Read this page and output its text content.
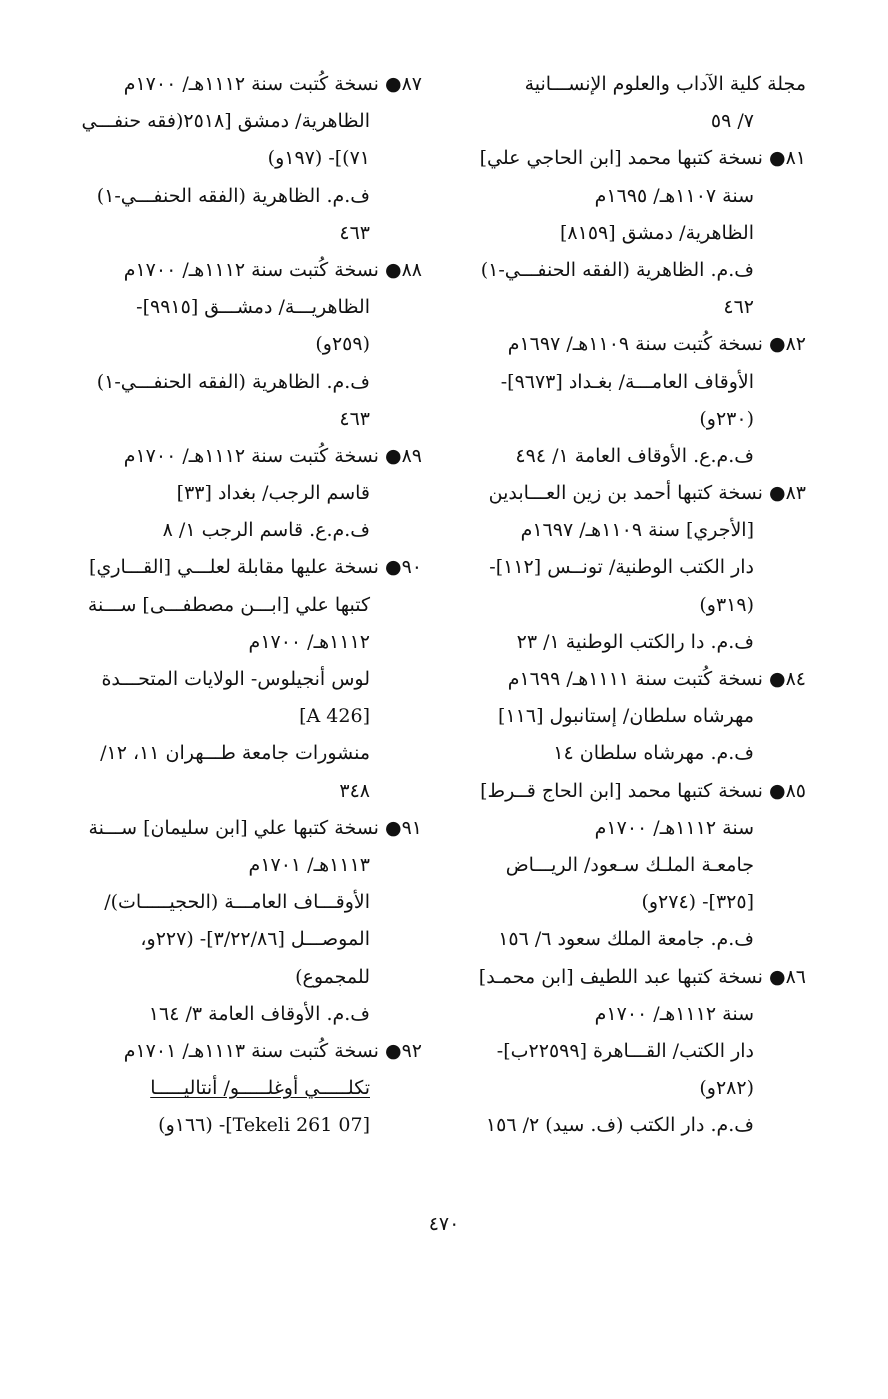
مجلة كلية الآداب والعلوم الإنســـانية
٧/ ٥٩
٨١● نسخة كتبها محمد [ابن الحاجي علي]
سنة ١١٠٧هـ/ ١٦٩٥م
الظاهرية/ دمشق [٨١٥٩]
ف.م. الظاهرية (الفقه الحنفـــي-١)
٤٦٢
٨٢● نسخة كُتبت سنة ١١٠٩هـ/ ١٦٩٧م
الأوقاف العامـــة/ بغـداد [٩٦٧٣]-
(٢٣٠و)
ف.م.ع. الأوقاف العامة ١/ ٤٩٤
٨٣● نسخة كتبها أحمد بن زين العـــابدين
[الأجري] سنة ١١٠٩هـ/ ١٦٩٧م
دار الكتب الوطنية/ تونــس [١١٢]-
(٣١٩و)
ف.م. دا رالكتب الوطنية ١/ ٢٣
٨٤● نسخة كُتبت سنة ١١١١هـ/ ١٦٩٩م
مهرشاه سلطان/ إستانبول [١١٦]
ف.م. مهرشاه سلطان ١٤
٨٥● نسخة كتبها محمد [ابن الحاج قــرط]
سنة ١١١٢هـ/ ١٧٠٠م
جامعـة الملـك سـعود/ الريـــاض
[٣٢٥]- (٢٧٤و)
ف.م. جامعة الملك سعود ٦/ ١٥٦
٨٦● نسخة كتبها عبد اللطيف [ابن محمـد]
سنة ١١١٢هـ/ ١٧٠٠م
دار الكتب/ القـــاهرة [٢٢٥٩٩ب]-
(٢٨٢و)
ف.م. دار الكتب (ف. سيد) ٢/ ١٥٦
٨٧● نسخة كُتبت سنة ١١١٢هـ/ ١٧٠٠م
الظاهرية/ دمشق [٢٥١٨(فقه حنفـــي
٧١)]- (١٩٧و)
ف.م. الظاهرية (الفقه الحنفـــي-١)
٤٦٣
٨٨● نسخة كُتبت سنة ١١١٢هـ/ ١٧٠٠م
الظاهريـــة/ دمشـــق [٩٩١٥]-
(٢٥٩و)
ف.م. الظاهرية (الفقه الحنفـــي-١)
٤٦٣
٨٩● نسخة كُتبت سنة ١١١٢هـ/ ١٧٠٠م
قاسم الرجب/ بغداد [٣٣]
ف.م.ع. قاسم الرجب ١/ ٨
٩٠● نسخة عليها مقابلة لعلـــي [القـــاري]
كتبها علي [ابـــن مصطفـــى] ســـنة
١١١٢هـ/ ١٧٠٠م
لوس أنجيلوس- الولايات المتحـــدة
[A 426]
منشورات جامعة طـــهران ١١، ١٢/
٣٤٨
٩١● نسخة كتبها علي [ابن سليمان] ســـنة
١١١٣هـ/ ١٧٠١م
الأوقـــاف العامـــة (الحجيـــــات)/
الموصـــل [٣/٢٢/٨٦]- (٢٢٧و،
للمجموع)
ف.م. الأوقاف العامة ٣/ ١٦٤
٩٢● نسخة كُتبت سنة ١١١٣هـ/ ١٧٠١م
تكلـــــي أوغلـــــو/ أنتاليـــــا
[07 Tekeli 261]- (١٦٦و)
٤٧٠
